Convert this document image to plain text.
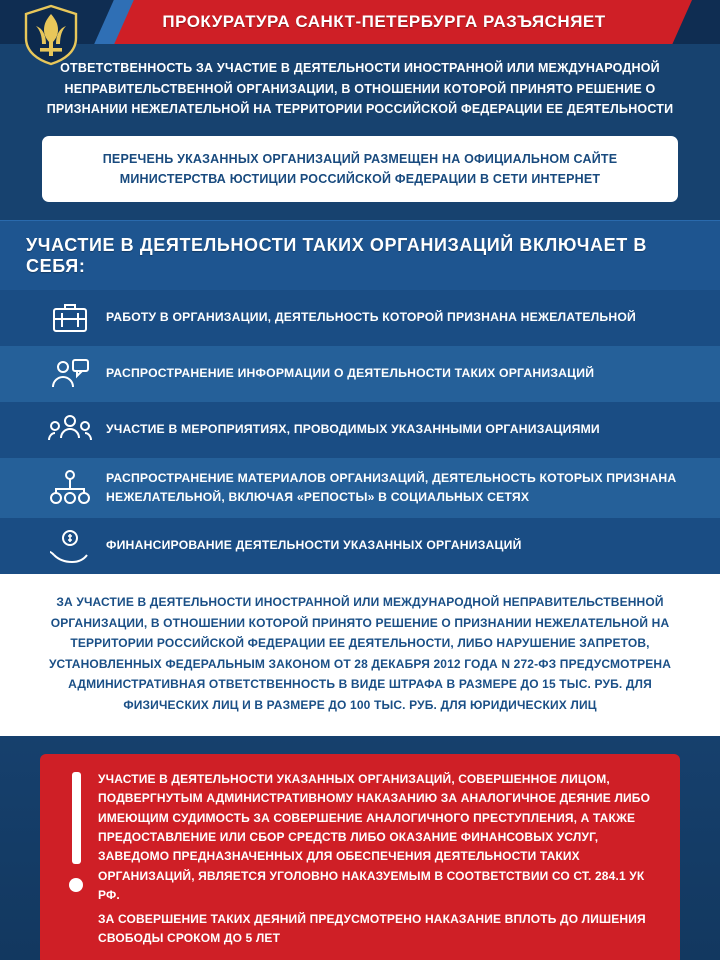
ПРОКУРАТУРА САНКТ-ПЕТЕРБУРГА РАЗЪЯСНЯЕТ
ОТВЕТСТВЕННОСТЬ ЗА УЧАСТИЕ В ДЕЯТЕЛЬНОСТИ ИНОСТРАННОЙ ИЛИ МЕЖДУНАРОДНОЙ НЕПРАВИТЕЛЬСТВЕННОЙ ОРГАНИЗАЦИИ, В ОТНОШЕНИИ КОТОРОЙ ПРИНЯТО РЕШЕНИЕ О ПРИЗНАНИИ НЕЖЕЛАТЕЛЬНОЙ НА ТЕРРИТОРИИ РОССИЙСКОЙ ФЕДЕРАЦИИ ЕЕ ДЕЯТЕЛЬНОСТИ
ПЕРЕЧЕНЬ УКАЗАННЫХ ОРГАНИЗАЦИЙ РАЗМЕЩЕН НА ОФИЦИАЛЬНОМ САЙТЕ МИНИСТЕРСТВА ЮСТИЦИИ РОССИЙСКОЙ ФЕДЕРАЦИИ В СЕТИ ИНТЕРНЕТ
УЧАСТИЕ В ДЕЯТЕЛЬНОСТИ ТАКИХ ОРГАНИЗАЦИЙ ВКЛЮЧАЕТ В СЕБЯ:
РАБОТУ В ОРГАНИЗАЦИИ, ДЕЯТЕЛЬНОСТЬ КОТОРОЙ ПРИЗНАНА НЕЖЕЛАТЕЛЬНОЙ
РАСПРОСТРАНЕНИЕ ИНФОРМАЦИИ О ДЕЯТЕЛЬНОСТИ ТАКИХ ОРГАНИЗАЦИЙ
УЧАСТИЕ В МЕРОПРИЯТИЯХ, ПРОВОДИМЫХ УКАЗАННЫМИ ОРГАНИЗАЦИЯМИ
РАСПРОСТРАНЕНИЕ МАТЕРИАЛОВ ОРГАНИЗАЦИЙ, ДЕЯТЕЛЬНОСТЬ КОТОРЫХ ПРИЗНАНА НЕЖЕЛАТЕЛЬНОЙ, ВКЛЮЧАЯ «РЕПОСТЫ» В СОЦИАЛЬНЫХ СЕТЯХ
ФИНАНСИРОВАНИЕ ДЕЯТЕЛЬНОСТИ УКАЗАННЫХ ОРГАНИЗАЦИЙ
ЗА УЧАСТИЕ В ДЕЯТЕЛЬНОСТИ ИНОСТРАННОЙ ИЛИ МЕЖДУНАРОДНОЙ НЕПРАВИТЕЛЬСТВЕННОЙ ОРГАНИЗАЦИИ, В ОТНОШЕНИИ КОТОРОЙ ПРИНЯТО РЕШЕНИЕ О ПРИЗНАНИИ НЕЖЕЛАТЕЛЬНОЙ НА ТЕРРИТОРИИ РОССИЙСКОЙ ФЕДЕРАЦИИ ЕЕ ДЕЯТЕЛЬНОСТИ, ЛИБО НАРУШЕНИЕ ЗАПРЕТОВ, УСТАНОВЛЕННЫХ ФЕДЕРАЛЬНЫМ ЗАКОНОМ ОТ 28 ДЕКАБРЯ 2012 ГОДА N 272-ФЗ ПРЕДУСМОТРЕНА АДМИНИСТРАТИВНАЯ ОТВЕТСТВЕННОСТЬ В ВИДЕ ШТРАФА В РАЗМЕРЕ ДО 15 ТЫС. РУБ. ДЛЯ ФИЗИЧЕСКИХ ЛИЦ И В РАЗМЕРЕ ДО 100 ТЫС. РУБ. ДЛЯ ЮРИДИЧЕСКИХ ЛИЦ

УЧАСТИЕ В ДЕЯТЕЛЬНОСТИ УКАЗАННЫХ ОРГАНИЗАЦИЙ, СОВЕРШЕННОЕ ЛИЦОМ, ПОДВЕРГНУТЫМ АДМИНИСТРАТИВНОМУ НАКАЗАНИЮ ЗА АНАЛОГИЧНОЕ ДЕЯНИЕ ЛИБО ИМЕЮЩИМ СУДИМОСТЬ ЗА СОВЕРШЕНИЕ АНАЛОГИЧНОГО ПРЕСТУПЛЕНИЯ, А ТАКЖЕ ПРЕДОСТАВЛЕНИЕ ИЛИ СБОР СРЕДСТВ ЛИБО ОКАЗАНИЕ ФИНАНСОВЫХ УСЛУГ, ЗАВЕДОМО ПРЕДНАЗНАЧЕННЫХ ДЛЯ ОБЕСПЕЧЕНИЯ ДЕЯТЕЛЬНОСТИ ТАКИХ ОРГАНИЗАЦИЙ, ЯВЛЯЕТСЯ УГОЛОВНО НАКАЗУЕМЫМ В СООТВЕТСТВИИ СО СТ. 284.1 УК РФ.

ЗА СОВЕРШЕНИЕ ТАКИХ ДЕЯНИЙ ПРЕДУСМОТРЕНО НАКАЗАНИЕ ВПЛОТЬ ДО ЛИШЕНИЯ СВОБОДЫ СРОКОМ ДО 5 ЛЕТ
